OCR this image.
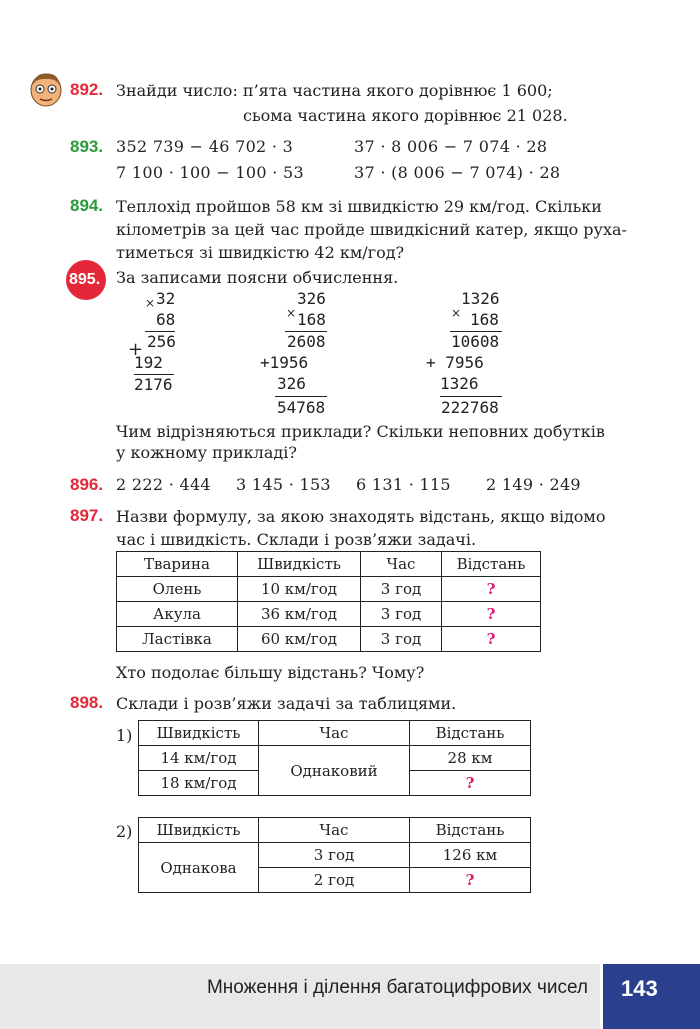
892. Знайди число: п’ята частина якого дорівнює 1 600;
сьома частина якого дорівнює 21 028.
893. 352 739 − 46 702 · 3	37 · 8 006 − 7 074 · 28
7 100 · 100 − 100 · 53	37 · (8 006 − 7 074) · 28
894. Теплохід пройшов 58 км зі швидкістю 29 км/год. Скільки
кілометрів за цей час пройде швидкісний катер, якщо руха-
тиметься зі швидкістю 42 км/год?
895. За записами поясни обчислення.
× 32
68
256
+
192
2176
326
× 168
2608
+1956
326
54768
1326
× 168
10608
+ 7956
1326
222768
Чим відрізняються приклади? Скільки неповних добутків
у кожному прикладі?
896. 2 222 · 444 3 145 · 153 6 131 · 115 2 149 · 249
897. Назви формулу, за якою знаходять відстань, якщо відомо
час і швидкість. Склади і розв’яжи задачі.
Тварина	Швидкість	Час	Відстань
Олень	10 км/год	3 год	?
Акула	36 км/год	3 год	?
Ластівка	60 км/год	3 год	?
Хто подолає більшу відстань? Чому?
898. Склади і розв’яжи задачі за таблицями.
1) Швидкість	Час	Відстань
14 км/год	Однаковий	28 км
18 км/год		?
2) Швидкість	Час	Відстань
Однакова	3 год	126 км
	2 год	?
Множення і ділення багатоцифрових чисел 143
